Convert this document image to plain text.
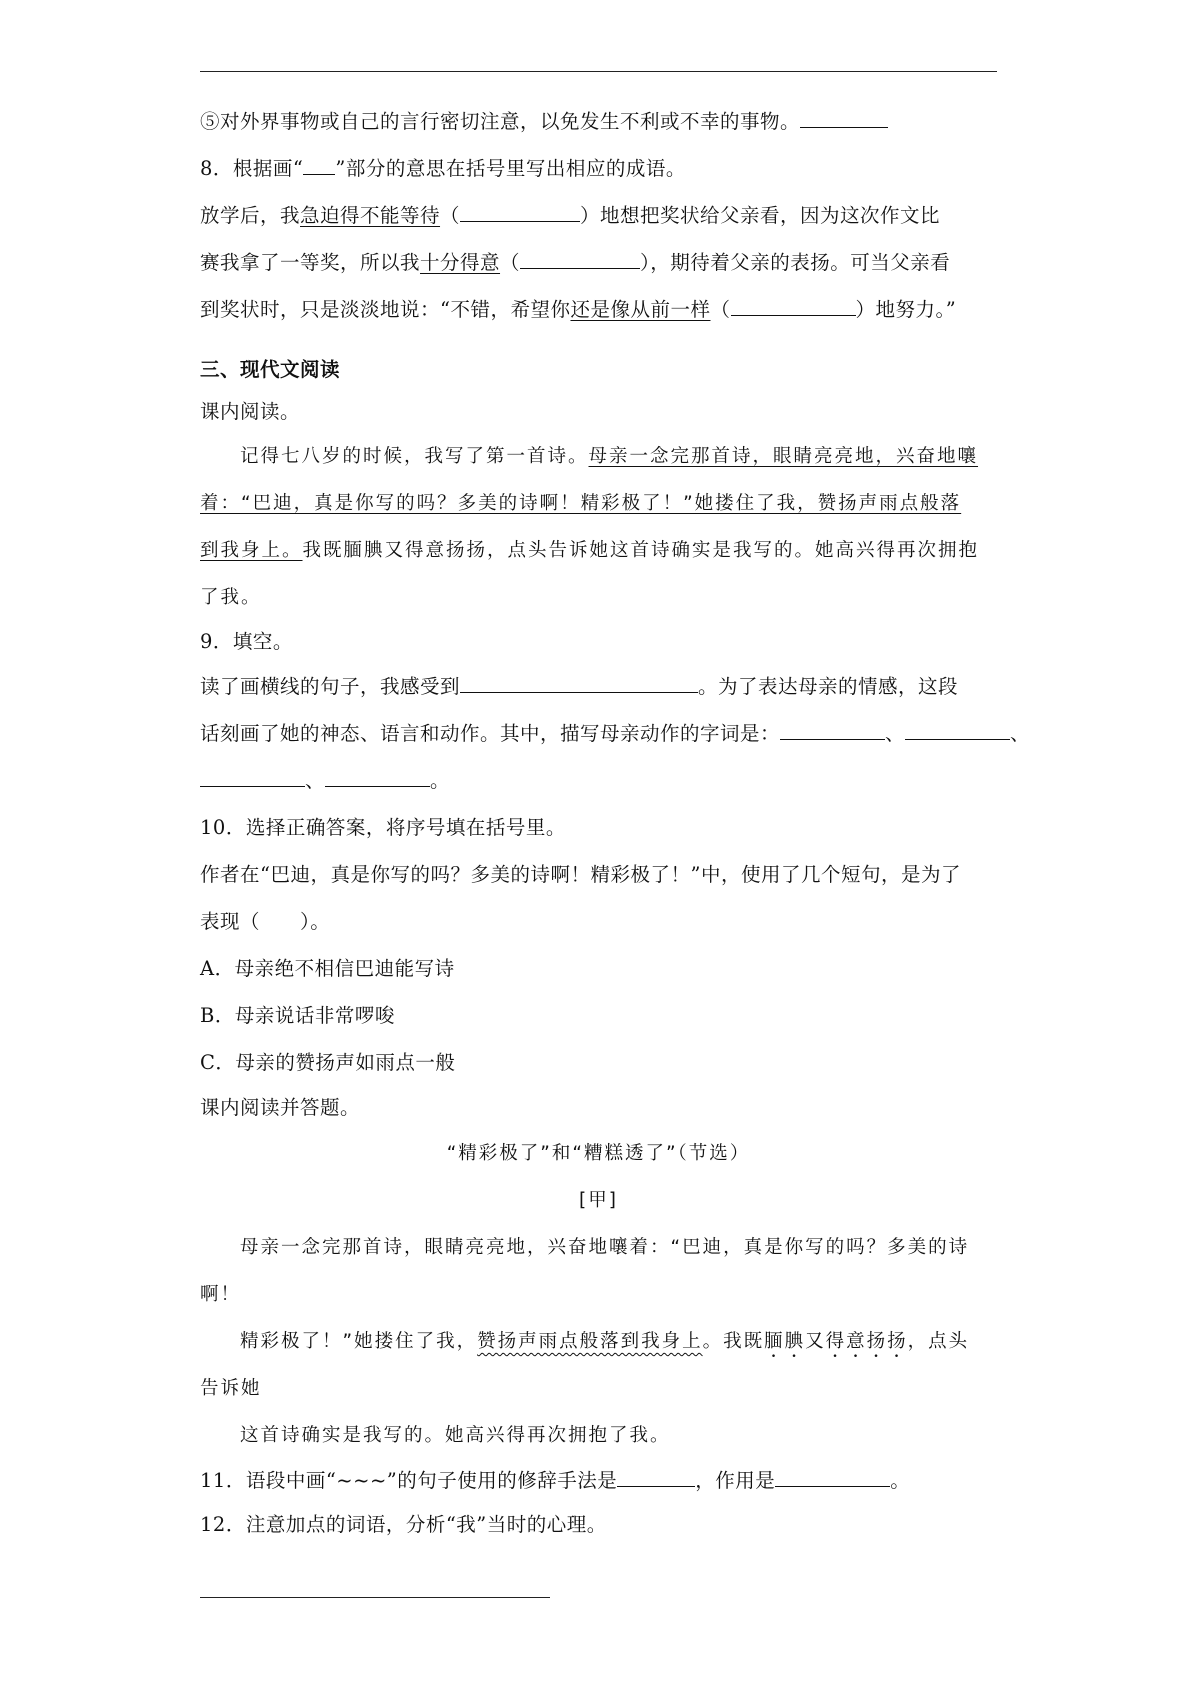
⑤对外界事物或自己的言行密切注意，以免发生不利或不幸的事物。

8．根据画“ ”部分的意思在括号里写出相应的成语。

放学后，我急迫得不能等待（	）地想把奖状给父亲看，因为这次作文比

赛我拿了一等奖，所以我十分得意（	），期待着父亲的表扬。可当父亲看

到奖状时，只是淡淡地说：“不错，希望你还是像从前一样（	）地努力。”

三、现代文阅读

课内阅读。

记得七八岁的时候，我写了第一首诗。母亲一念完那首诗，眼睛亮亮地，兴奋地嚷

着：“巴迪，真是你写的吗？多美的诗啊！精彩极了！”她搂住了我，赞扬声雨点般落

到我身上。我既腼腆又得意扬扬，点头告诉她这首诗确实是我写的。她高兴得再次拥抱

了我。

9．填空。

读了画横线的句子，我感受到	。为了表达母亲的情感，这段

话刻画了她的神态、语言和动作。其中，描写母亲动作的字词是：	、	、

、	。

10．选择正确答案，将序号填在括号里。

作者在“巴迪，真是你写的吗？多美的诗啊！精彩极了！”中，使用了几个短句，是为了

表现（　　）。

A．母亲绝不相信巴迪能写诗

B．母亲说话非常啰唆

C．母亲的赞扬声如雨点一般

课内阅读并答题。

“精彩极了”和“糟糕透了”（节选）

[甲]

母亲一念完那首诗，眼睛亮亮地，兴奋地嚷着：“巴迪，真是你写的吗？多美的诗

啊！

精彩极了！”她搂住了我，赞扬声雨点般落到我身上。我既腼腆又得意扬扬，点头

告诉她

这首诗确实是我写的。她高兴得再次拥抱了我。

11．语段中画“~~~”的句子使用的修辞手法是	，作用是	。

12．注意加点的词语，分析“我”当时的心理。
